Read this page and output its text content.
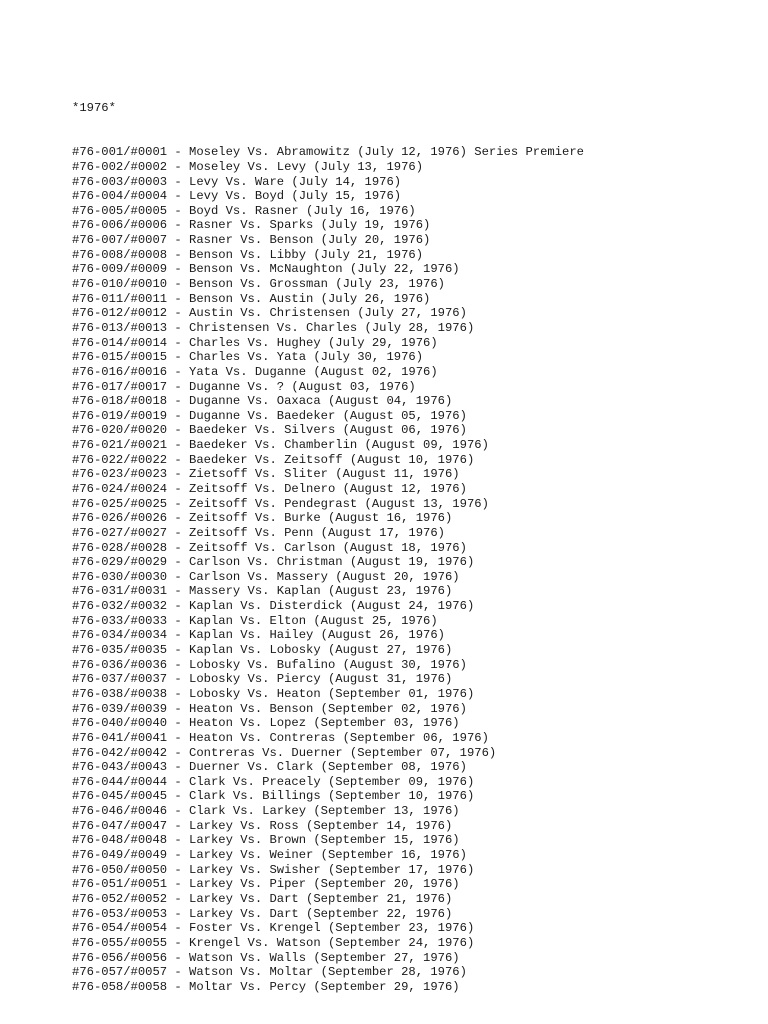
*1976*

#76-001/#0001 - Moseley Vs. Abramowitz (July 12, 1976) Series Premiere
#76-002/#0002 - Moseley Vs. Levy (July 13, 1976)
#76-003/#0003 - Levy Vs. Ware (July 14, 1976)
#76-004/#0004 - Levy Vs. Boyd (July 15, 1976)
#76-005/#0005 - Boyd Vs. Rasner (July 16, 1976)
#76-006/#0006 - Rasner Vs. Sparks (July 19, 1976)
#76-007/#0007 - Rasner Vs. Benson (July 20, 1976)
#76-008/#0008 - Benson Vs. Libby (July 21, 1976)
#76-009/#0009 - Benson Vs. McNaughton (July 22, 1976)
#76-010/#0010 - Benson Vs. Grossman (July 23, 1976)
#76-011/#0011 - Benson Vs. Austin (July 26, 1976)
#76-012/#0012 - Austin Vs. Christensen (July 27, 1976)
#76-013/#0013 - Christensen Vs. Charles (July 28, 1976)
#76-014/#0014 - Charles Vs. Hughey (July 29, 1976)
#76-015/#0015 - Charles Vs. Yata (July 30, 1976)
#76-016/#0016 - Yata Vs. Duganne (August 02, 1976)
#76-017/#0017 - Duganne Vs. ? (August 03, 1976)
#76-018/#0018 - Duganne Vs. Oaxaca (August 04, 1976)
#76-019/#0019 - Duganne Vs. Baedeker (August 05, 1976)
#76-020/#0020 - Baedeker Vs. Silvers (August 06, 1976)
#76-021/#0021 - Baedeker Vs. Chamberlin (August 09, 1976)
#76-022/#0022 - Baedeker Vs. Zeitsoff (August 10, 1976)
#76-023/#0023 - Zietsoff Vs. Sliter (August 11, 1976)
#76-024/#0024 - Zeitsoff Vs. Delnero (August 12, 1976)
#76-025/#0025 - Zeitsoff Vs. Pendegrast (August 13, 1976)
#76-026/#0026 - Zeitsoff Vs. Burke (August 16, 1976)
#76-027/#0027 - Zeitsoff Vs. Penn (August 17, 1976)
#76-028/#0028 - Zeitsoff Vs. Carlson (August 18, 1976)
#76-029/#0029 - Carlson Vs. Christman (August 19, 1976)
#76-030/#0030 - Carlson Vs. Massery (August 20, 1976)
#76-031/#0031 - Massery Vs. Kaplan (August 23, 1976)
#76-032/#0032 - Kaplan Vs. Disterdick (August 24, 1976)
#76-033/#0033 - Kaplan Vs. Elton (August 25, 1976)
#76-034/#0034 - Kaplan Vs. Hailey (August 26, 1976)
#76-035/#0035 - Kaplan Vs. Lobosky (August 27, 1976)
#76-036/#0036 - Lobosky Vs. Bufalino (August 30, 1976)
#76-037/#0037 - Lobosky Vs. Piercy (August 31, 1976)
#76-038/#0038 - Lobosky Vs. Heaton (September 01, 1976)
#76-039/#0039 - Heaton Vs. Benson (September 02, 1976)
#76-040/#0040 - Heaton Vs. Lopez (September 03, 1976)
#76-041/#0041 - Heaton Vs. Contreras (September 06, 1976)
#76-042/#0042 - Contreras Vs. Duerner (September 07, 1976)
#76-043/#0043 - Duerner Vs. Clark (September 08, 1976)
#76-044/#0044 - Clark Vs. Preacely (September 09, 1976)
#76-045/#0045 - Clark Vs. Billings (September 10, 1976)
#76-046/#0046 - Clark Vs. Larkey (September 13, 1976)
#76-047/#0047 - Larkey Vs. Ross (September 14, 1976)
#76-048/#0048 - Larkey Vs. Brown (September 15, 1976)
#76-049/#0049 - Larkey Vs. Weiner (September 16, 1976)
#76-050/#0050 - Larkey Vs. Swisher (September 17, 1976)
#76-051/#0051 - Larkey Vs. Piper (September 20, 1976)
#76-052/#0052 - Larkey Vs. Dart (September 21, 1976)
#76-053/#0053 - Larkey Vs. Dart (September 22, 1976)
#76-054/#0054 - Foster Vs. Krengel (September 23, 1976)
#76-055/#0055 - Krengel Vs. Watson (September 24, 1976)
#76-056/#0056 - Watson Vs. Walls (September 27, 1976)
#76-057/#0057 - Watson Vs. Moltar (September 28, 1976)
#76-058/#0058 - Moltar Vs. Percy (September 29, 1976)
